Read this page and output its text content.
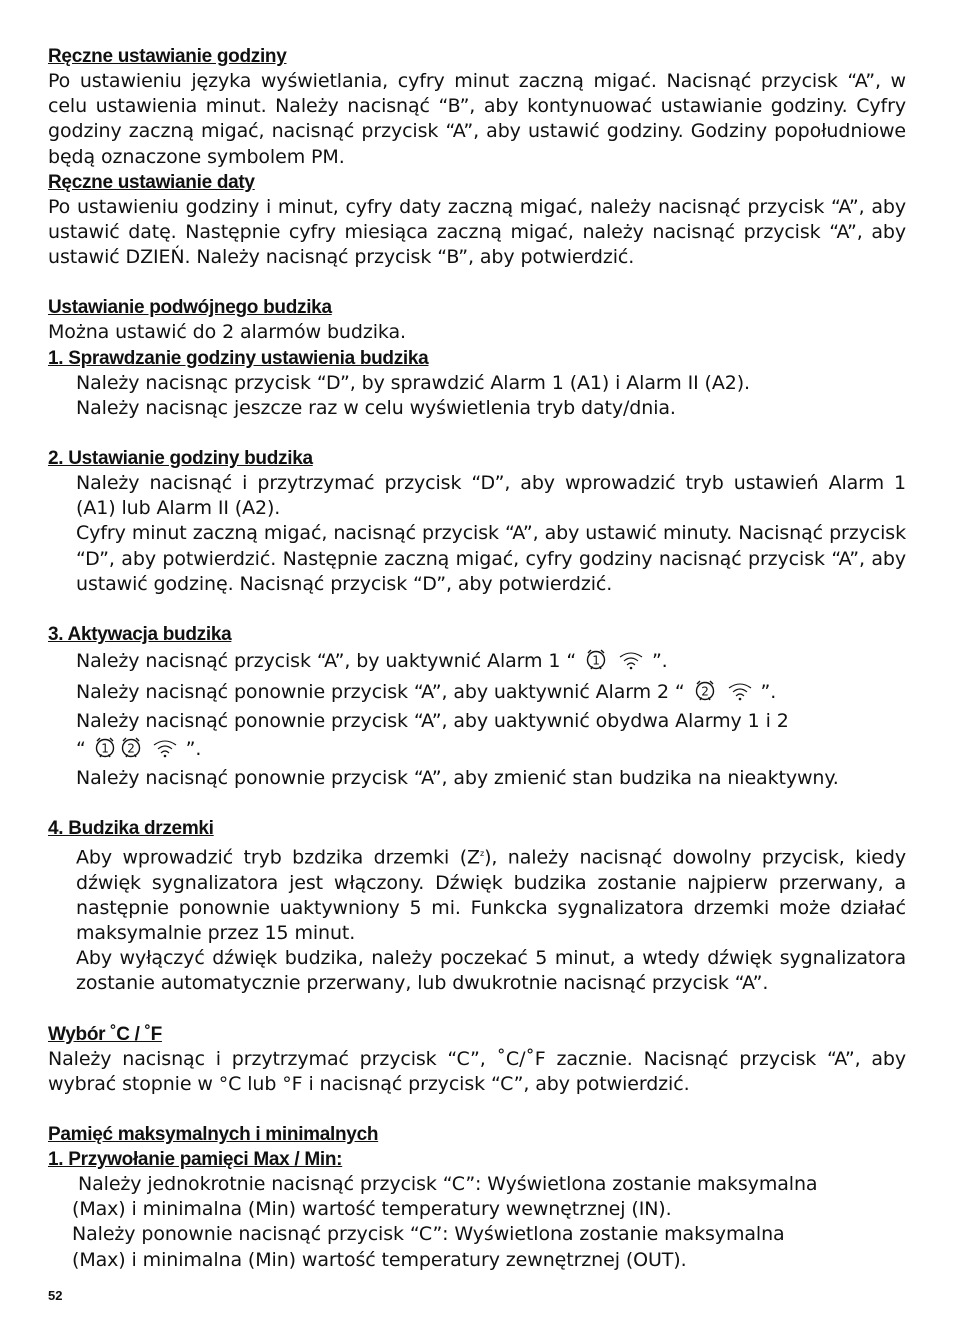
Ręczne ustawianie godziny
Po ustawieniu języka wyświetlania, cyfry minut zaczną migać. Nacisnąć przycisk “A”, w celu ustawienia minut. Należy nacisnąć “B”, aby kontynuować ustawianie godziny. Cyfry godziny zaczną migać, nacisnąć przycisk “A”, aby ustawić godziny. Godziny popołudniowe będą oznaczone symbolem PM.
Ręczne ustawianie daty
Po ustawieniu godziny i minut, cyfry daty zaczną migać, należy nacisnąć przycisk “A”, aby ustawić datę. Następnie cyfry miesiąca zaczną migać, należy nacisnąć przycisk “A”, aby ustawić DZIEŃ. Należy nacisnąć przycisk “B”, aby potwierdzić.
Ustawianie podwójnego budzika
Można ustawić do 2 alarmów budzika.
1. Sprawdzanie godziny ustawienia budzika
Należy nacisnąc przycisk “D”, by sprawdzić Alarm 1 (A1) i Alarm II (A2).
Należy nacisnąc jeszcze raz w celu wyświetlenia tryb daty/dnia.
2. Ustawianie godziny budzika
Należy nacisnąć i przytrzymać przycisk “D”, aby wprowadzić tryb ustawień Alarm 1 (A1) lub Alarm II (A2).
Cyfry minut zaczną migać, nacisnąć przycisk “A”, aby ustawić minuty. Nacisnąć przycisk “D”, aby potwierdzić. Następnie zaczną migać, cyfry godziny nacisnąć przycisk “A”, aby ustawić godzinę. Nacisnąć przycisk “D”, aby potwierdzić.
3. Aktywacja budzika
Należy nacisnąć przycisk “A”, by uaktywnić Alarm 1 “ 1	”.
Należy nacisnąć ponownie przycisk “A”, aby uaktywnić Alarm 2 “ 2	”.
Należy nacisnąć ponownie przycisk “A”, aby uaktywnić obydwa Alarmy 1 i 2
“ 1 2	”.
Należy nacisnąć ponownie przycisk “A”, aby zmienić stan budzika na nieaktywny.
4. Budzika drzemki
Aby wprowadzić tryb bzdzika drzemki $(Z^z)$, należy nacisnąć dowolny przycisk, kiedy dźwięk sygnalizatora jest włączony. Dźwięk budzika zostanie najpierw przerwany, a następnie ponownie uaktywniony 5 mi. Funkcka sygnalizatora drzemki może działać maksymalnie przez 15 minut.
Aby wyłączyć dźwięk budzika, należy poczekać 5 minut, a wtedy dźwięk sygnalizatora zostanie automatycznie przerwany, lub dwukrotnie nacisnąć przycisk “A”.
Wybór ˚C / ˚F
Należy nacisnąc i przytrzymać przycisk “C”, ˚C/˚F zacznie. Nacisnąć przycisk “A”, aby wybrać stopnie w °C lub °F i nacisnąć przycisk “C”, aby potwierdzić.
Pamięć maksymalnych i minimalnych
1. Przywołanie pamięci Max / Min:
Należy jednokrotnie nacisnąć przycisk “C”: Wyświetlona zostanie maksymalna
(Max) i minimalna (Min) wartość temperatury wewnętrznej (IN).
Należy ponownie nacisnąć przycisk “C”: Wyświetlona zostanie maksymalna
(Max) i minimalna (Min) wartość temperatury zewnętrznej (OUT).
52
